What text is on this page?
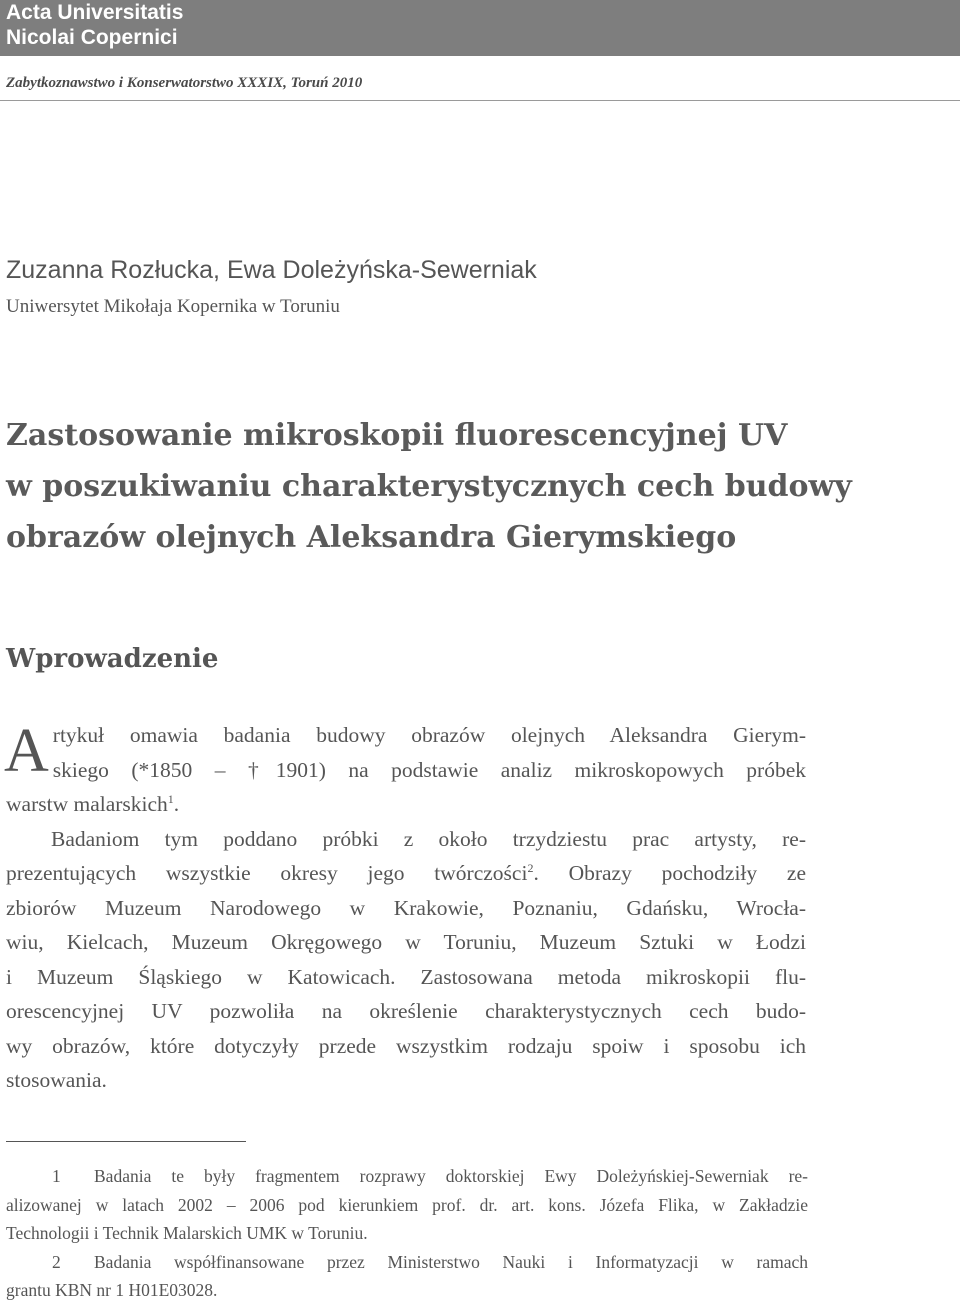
Acta Universitatis

Nicolai Copernici

Zabytkoznawstwo i Konserwatorstwo XXXIX, Toruń 2010

Zuzanna Rozłucka, Ewa Doleżyńska-Sewerniak

Uniwersytet Mikołaja Kopernika w Toruniu

Zastosowanie mikroskopii fluorescencyjnej UV
w poszukiwaniu charakterystycznych cech budowy
obrazów olejnych Aleksandra Gierymskiego
Wprowadzenie
A rtykuł omawia badania budowy obrazów olejnych Aleksandra Gierym-
skiego (*1850 – †1901) na podstawie analiz mikroskopowych próbek
warstw malarskich$^1$.
Badaniom tym poddano próbki z około trzydziestu prac artysty, re-
prezentujących wszystkie okresy jego twórczości$^2$. Obrazy pochodziły ze
zbiorów Muzeum Narodowego w Krakowie, Poznaniu, Gdańsku, Wrocła-
wiu, Kielcach, Muzeum Okręgowego w Toruniu, Muzeum Sztuki w Łodzi
i Muzeum Śląskiego w Katowicach. Zastosowana metoda mikroskopii flu-
orescencyjnej UV pozwoliła na określenie charakterystycznych cech budo-
wy obrazów, które dotyczyły przede wszystkim rodzaju spoiw i sposobu ich
stosowania.
1 Badania te były fragmentem rozprawy doktorskiej Ewy Doleżyńskiej-Sewerniak re-
alizowanej w latach 2002 – 2006 pod kierunkiem prof. dr. art. kons. Józefa Flika, w Zakładzie
Technologii i Technik Malarskich UMK w Toruniu.
2 Badania współfinansowane przez Ministerstwo Nauki i Informatyzacji w ramach
grantu KBN nr 1 H01E03028.
